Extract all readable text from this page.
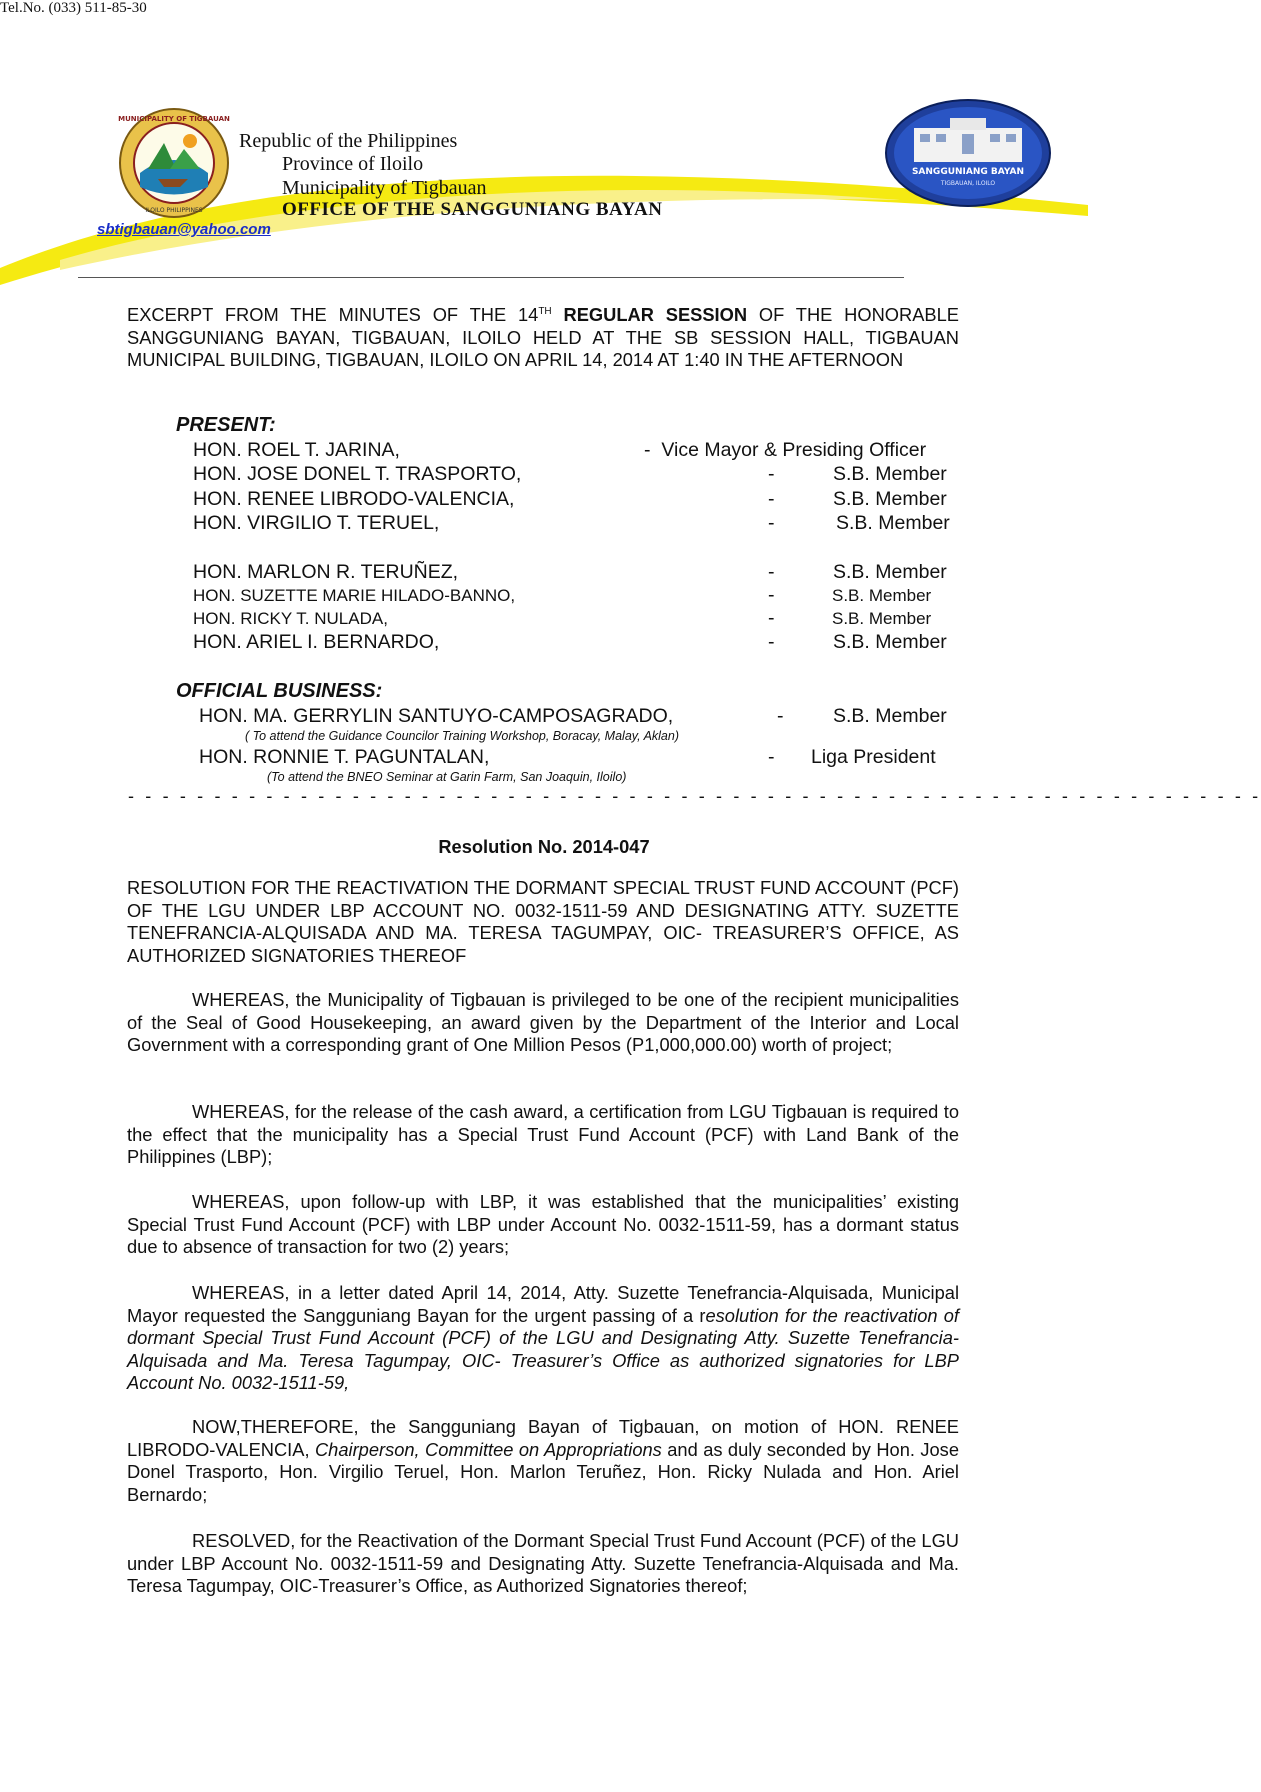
MUNICIPALITY OF TIGBAUAN
ILOILO PHILIPPINES
Republic of the Philippines
Province of Iloilo
Municipality of Tigbauan
OFFICE OF THE SANGGUNIANG BAYAN
SANGGUNIANG BAYAN
TIGBAUAN, ILOILO
sbtigbauan@yahoo.com
Tel.No. (033) 511-85-30
EXCERPT FROM THE MINUTES OF THE 14TH REGULAR SESSION OF THE HONORABLE SANGGUNIANG BAYAN, TIGBAUAN, ILOILO HELD AT THE SB SESSION HALL, TIGBAUAN MUNICIPAL BUILDING, TIGBAUAN, ILOILO ON APRIL 14, 2014 AT 1:40 IN THE AFTERNOON
PRESENT:
HON. ROEL T. JARINA,	- Vice Mayor & Presiding Officer
HON. JOSE DONEL T. TRASPORTO,	-	S.B. Member
HON. RENEE LIBRODO-VALENCIA,	-	S.B. Member
HON. VIRGILIO T. TERUEL,	-	S.B. Member
HON. MARLON R. TERUÑEZ,	-	S.B. Member
HON. SUZETTE MARIE HILADO-BANNO,	-	S.B. Member
HON. RICKY T. NULADA,	-	S.B. Member
HON. ARIEL I. BERNARDO,	-	S.B. Member
OFFICIAL BUSINESS:
HON. MA. GERRYLIN SANTUYO-CAMPOSAGRADO,	-	S.B. Member
( To attend the Guidance Councilor Training Workshop, Boracay, Malay, Aklan)
HON. RONNIE T. PAGUNTALAN,	- Liga President
(To attend the BNEO Seminar at Garin Farm, San Joaquin, Iloilo)
- - - - - - - - - - - - - - - - - - - - - - - - - - - - - - - - - - - - - - - - - - - - - - - - - - - - - - - - - - - - - - - - - -
Resolution No. 2014-047
RESOLUTION FOR THE REACTIVATION THE DORMANT SPECIAL TRUST FUND ACCOUNT (PCF) OF THE LGU UNDER LBP ACCOUNT NO. 0032-1511-59 AND DESIGNATING ATTY. SUZETTE TENEFRANCIA-ALQUISADA AND MA. TERESA TAGUMPAY, OIC- TREASURER’S OFFICE, AS AUTHORIZED SIGNATORIES THEREOF
WHEREAS, the Municipality of Tigbauan is privileged to be one of the recipient municipalities of the Seal of Good Housekeeping, an award given by the Department of the Interior and Local Government with a corresponding grant of One Million Pesos (P1,000,000.00) worth of project;
WHEREAS, for the release of the cash award, a certification from LGU Tigbauan is required to the effect that the municipality has a Special Trust Fund Account (PCF) with Land Bank of the Philippines (LBP);
WHEREAS, upon follow-up with LBP, it was established that the municipalities’ existing Special Trust Fund Account (PCF) with LBP under Account No. 0032-1511-59, has a dormant status due to absence of transaction for two (2) years;
WHEREAS, in a letter dated April 14, 2014, Atty. Suzette Tenefrancia-Alquisada, Municipal Mayor requested the Sangguniang Bayan for the urgent passing of a resolution for the reactivation of dormant Special Trust Fund Account (PCF) of the LGU and Designating Atty. Suzette Tenefrancia-Alquisada and Ma. Teresa Tagumpay, OIC- Treasurer’s Office as authorized signatories for LBP Account No. 0032-1511-59,
NOW,THEREFORE, the Sangguniang Bayan of Tigbauan, on motion of HON. RENEE LIBRODO-VALENCIA, Chairperson, Committee on Appropriations and as duly seconded by Hon. Jose Donel Trasporto, Hon. Virgilio Teruel, Hon. Marlon Teruñez, Hon. Ricky Nulada and Hon. Ariel Bernardo;
RESOLVED, for the Reactivation of the Dormant Special Trust Fund Account (PCF) of the LGU under LBP Account No. 0032-1511-59 and Designating Atty. Suzette Tenefrancia-Alquisada and Ma. Teresa Tagumpay, OIC-Treasurer’s Office, as Authorized Signatories thereof;
